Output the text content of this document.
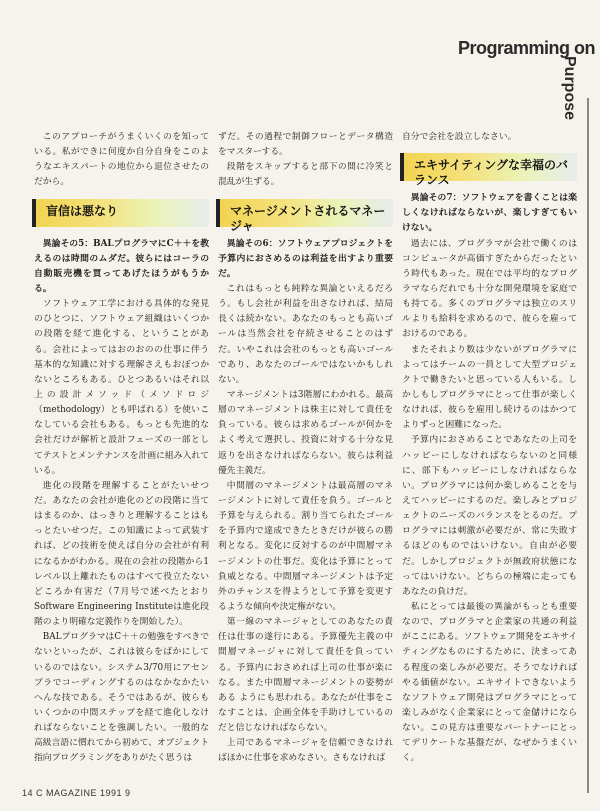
Programming on
Purpose

このアプローチがうまくいくのを知っている。私ができに何度か自分自身をこのようなエキスパートの地位から退位させたのだから。

盲信は悪なり

異論その5：BALプログラマにC＋＋を教えるのは時間のムダだ。彼らにはコーラの自動販売機を買ってあげたほうがもうかる。

ソフトウェア工学における具体的な発見のひとつに、ソフトウェア組織はいくつかの段階を経て進化する、ということがある。会社によってはおのおのの仕事に伴う基本的な知識に対する理解さえもおぼつかないところもある。ひとつあるいはそれ以上の設計メソッド（メソドロジ（methodology）とも呼ばれる）を使いこなしている会社もある。もっとも先進的な会社だけが解析と設計フェーズの一部としてテストとメンテナンスを計画に組み入れている。

進化の段階を理解することがたいせつだ。あなたの会社が進化のどの段階に当てはまるのか、はっきりと理解することはもっとたいせつだ。この知識によって武装すれば、どの技術を使えば自分の会社が有利になるかがわかる。現在の会社の段階から1レベル以上離れたものはすべて役立たないどころか有害だ（7月号で述べたとおりSoftware Engineering Instituteは進化段階のより明確な定義作りを開始した）。

BALプログラマはC＋＋の勉強をすべきでないといったが、これは彼らをばかにしているのではない。システム3/70用にアセンブラでコーディングするのはなかなかたいへんな技である。そうではあるが、彼らもいくつかの中間ステップを経て進化しなければならないことを強調したい。一般的な高級言語に慣れてから初めて、オブジェクト指向プログラミングをありがたく思うは

ずだ。その過程で制御フローとデータ構造をマスターする。

段階をスキップすると部下の間に冷笑と混乱が生ずる。

マネージメントされるマネージャ

異論その6：ソフトウェアプロジェクトを予算内におさめるのは利益を出すより重要だ。

これはもっとも純粋な異論といえるだろう。もし会社が利益を出さなければ、結局長くは続かない。あなたのもっとも高いゴールは当然会社を存続させることのはずだ。いやこれは会社のもっとも高いゴールであり、あなたのゴールではないかもしれない。

マネージメントは3階層にわかれる。最高層のマネージメントは株主に対して責任を負っている。彼らは求めるゴールが何かをよく考えて選択し、投資に対する十分な見返りを出さなければならない。彼らは利益優先主義だ。

中間層のマネージメントは最高層のマネージメントに対して責任を負う。ゴールと予算を与えられる。割り当てられたゴールを予算内で達成できたときだけが彼らの勝利となる。変化に反対するのが中間層マネージメントの仕事だ。変化は予算にとって負威となる。中間層マネージメントは予定外のチャンスを得ようとして予算を変更するような傾向や決定権がない。

第一線のマネージャとしてのあなたの責任は仕事の遂行にある。予算優先主義の中間層マネージャに対して責任を負っている。予算内におさめれば上司の仕事が楽になる。また中間層マネージメントの姿勢がある ようにも思われる。あなたが仕事をこなすことは、企画全体を手助けしているのだと信じなければならない。

上司であるマネージャを信頼できなければほかに仕事を求めなさい。さもなければ

自分で会社を設立しなさい。

エキサイティングな幸福のバランス

異論その7：ソフトウェアを書くことは楽しくなければならないが、楽しすぎてもいけない。

過去には、プログラマが会社で働くのはコンピュータが高価すぎたからだったという時代もあった。現在では平均的なプログラマならだれでも十分な開発環境を家庭でも持てる。多くのプログラマは独立のスリルよりも給料を求めるので、彼らを雇っておけるのである。

またそれより数は少ないがプログラマによってはチームの一員として大型プロジェクトで働きたいと思っている人もいる。しかしもしプログラマにとって仕事が楽しくなければ、彼らを雇用し続けるのはかつてよりずっと困難になった。

予算内におさめることであなたの上司をハッピーにしなければならないのと同様に、部下もハッピーにしなければならない。プログラマには何か楽しめることを与えてハッピーにするのだ。楽しみとプロジェクトのニーズのバランスをとるのだ。プログラマには刺激が必要だが、常に失敗するほどのものではいけない。自由が必要だ。しかしプロジェクトが無政府状態になってはいけない。どちらの極端に走ってもあなたの負けだ。

私にとっては最後の異論がもっとも重要なので、プログラマと企業家の共通の利益がここにある。ソフトウェア開発をエキサイティングなものにするために、決まってある程度の楽しみが必要だ。そうでなければやる価値がない。エキサイトできないようなソフトウェア開発はプログラマにとって楽しみがなく企業家にとって金儲けにならない。この見方は重要なパートナーにとってデリケートな基盤だが、なぜかうまくいく。

14 C MAGAZINE 1991 9
